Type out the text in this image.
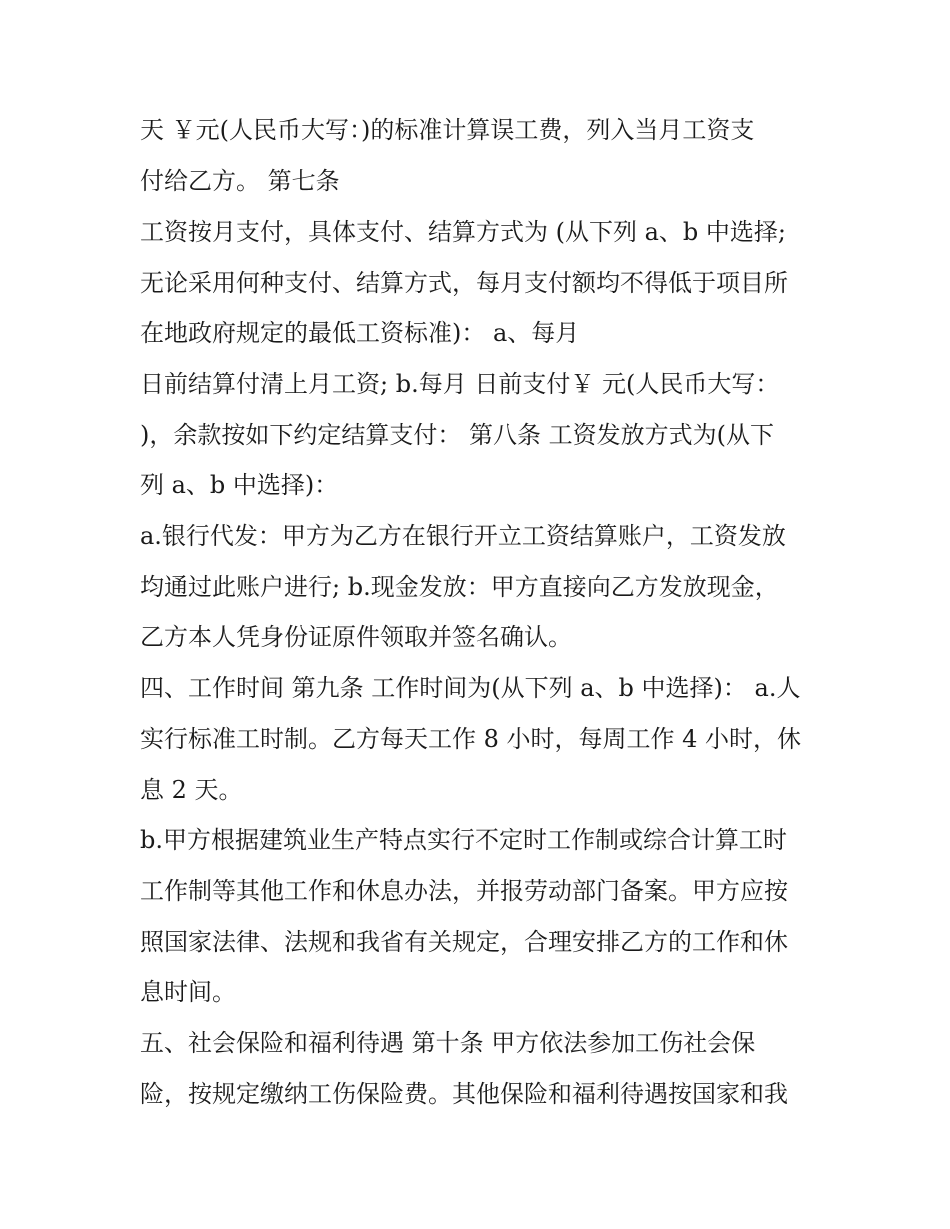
天 ￥元(人民币大写：)的标准计算误工费，列入当月工资支
付给乙方。 第七条
工资按月支付，具体支付、结算方式为 (从下列 a、b 中选择;
无论采用何种支付、结算方式，每月支付额均不得低于项目所
在地政府规定的最低工资标准)： a、每月
日前结算付清上月工资; b.每月 日前支付￥ 元(人民币大写：
)，余款按如下约定结算支付： 第八条 工资发放方式为(从下
列 a、b 中选择)：
a.银行代发：甲方为乙方在银行开立工资结算账户，工资发放
均通过此账户进行; b.现金发放：甲方直接向乙方发放现金，
乙方本人凭身份证原件领取并签名确认。
四、工作时间 第九条 工作时间为(从下列 a、b 中选择)： a.人
实行标准工时制。乙方每天工作 8 小时，每周工作 4 小时，休
息 2 天。
b.甲方根据建筑业生产特点实行不定时工作制或综合计算工时
工作制等其他工作和休息办法，并报劳动部门备案。甲方应按
照国家法律、法规和我省有关规定，合理安排乙方的工作和休
息时间。
五、社会保险和福利待遇 第十条 甲方依法参加工伤社会保
险，按规定缴纳工伤保险费。其他保险和福利待遇按国家和我
